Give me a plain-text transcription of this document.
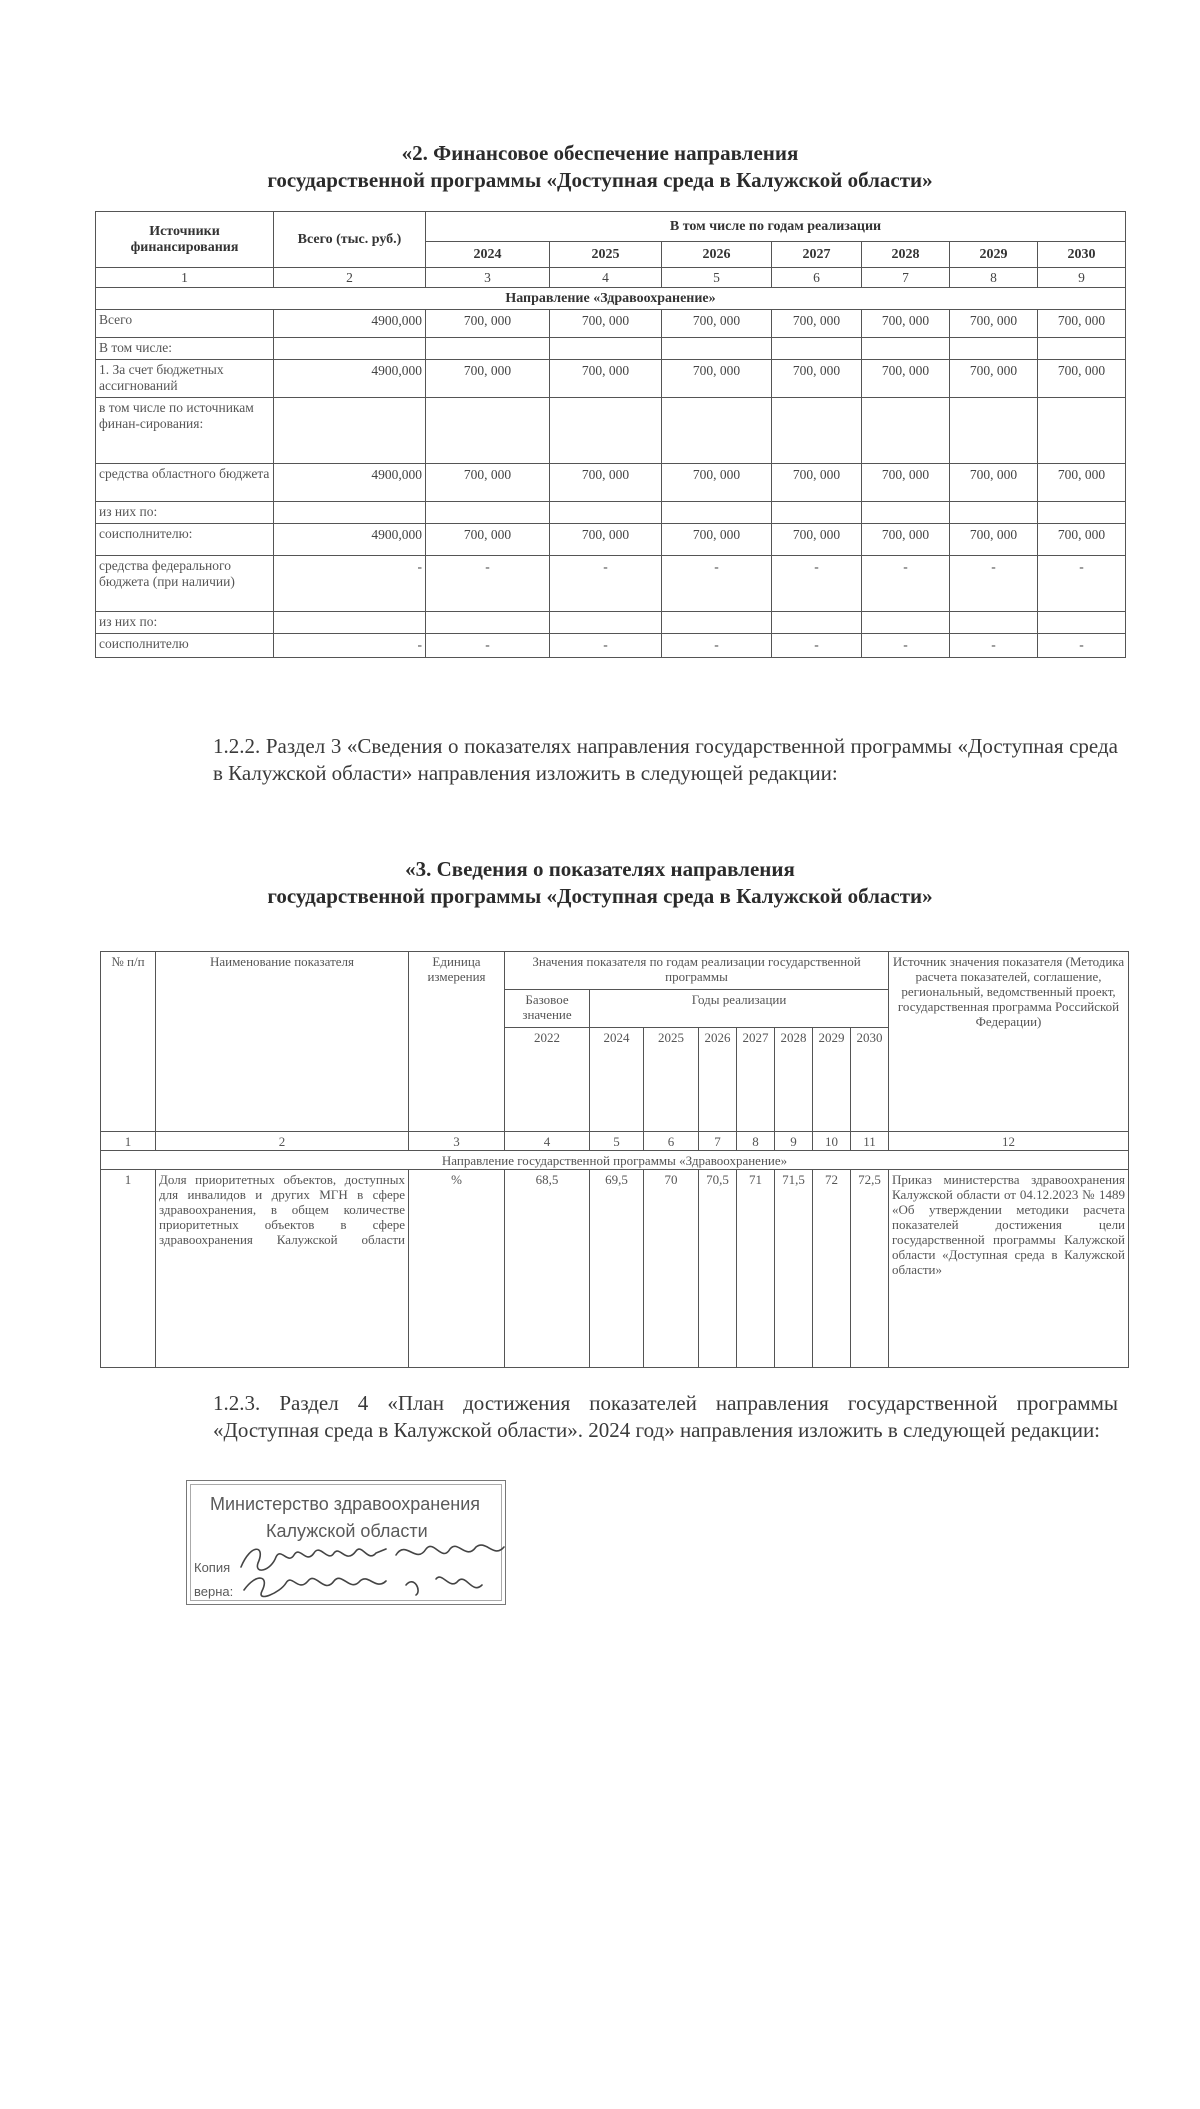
«2. Финансовое обеспечение направления
государственной программы «Доступная среда в Калужской области»
Источники финансирования	Всего (тыс. руб.)	В том числе по годам реализации						
		2024	2025	2026	2027	2028	2029	2030
1	2	3	4	5	6	7	8	9
Направление «Здравоохранение»								
Всего	4900,000	700, 000	700, 000	700, 000	700, 000	700, 000	700, 000	700, 000
В том числе:								
1. За счет бюджетных ассигнований	4900,000	700, 000	700, 000	700, 000	700, 000	700, 000	700, 000	700, 000
в том числе по источникам финан-сирования:								
средства областного бюджета	4900,000	700, 000	700, 000	700, 000	700, 000	700, 000	700, 000	700, 000
из них по:								
соисполнителю:	4900,000	700, 000	700, 000	700, 000	700, 000	700, 000	700, 000	700, 000
средства федерального бюджета (при наличии)	-	-	-	-	-	-	-	-
из них по:								
соисполнителю	-	-	-	-	-	-	-	-
1.2.2. Раздел 3 «Сведения о показателях направления государственной программы «Доступная среда в Калужской области» направления изложить в следующей редакции:
«3. Сведения о показателях направления
государственной программы «Доступная среда в Калужской области»
№ п/п	Наименование показателя	Единица измерения	Значения показателя по годам реализации государственной программы								Источник значения показателя (Методика расчета показателей, соглашение, региональный, ведомственный проект, государственная программа Российской Федерации)
			Базовое значение	Годы реализации							
			2022	2024	2025	2026	2027	2028	2029	2030	
1	2	3	4	5	6	7	8	9	10	11	12
Направление государственной программы «Здравоохранение»											
1	Доля приоритетных объектов, доступных для инвалидов и других МГН в сфере здравоохранения, в общем количестве приоритетных объектов в сфере здравоохранения Калужской области	%	68,5	69,5	70	70,5	71	71,5	72	72,5	Приказ министерства здравоохранения Калужской области от 04.12.2023 № 1489 «Об утверждении методики расчета показателей достижения цели государственной программы Калужской области «Доступная среда в Калужской области»
1.2.3. Раздел 4 «План достижения показателей направления государственной программы «Доступная среда в Калужской области». 2024 год» направления изложить в следующей редакции:
Министерство здравоохранения
Калужской области
Копия
верна:
